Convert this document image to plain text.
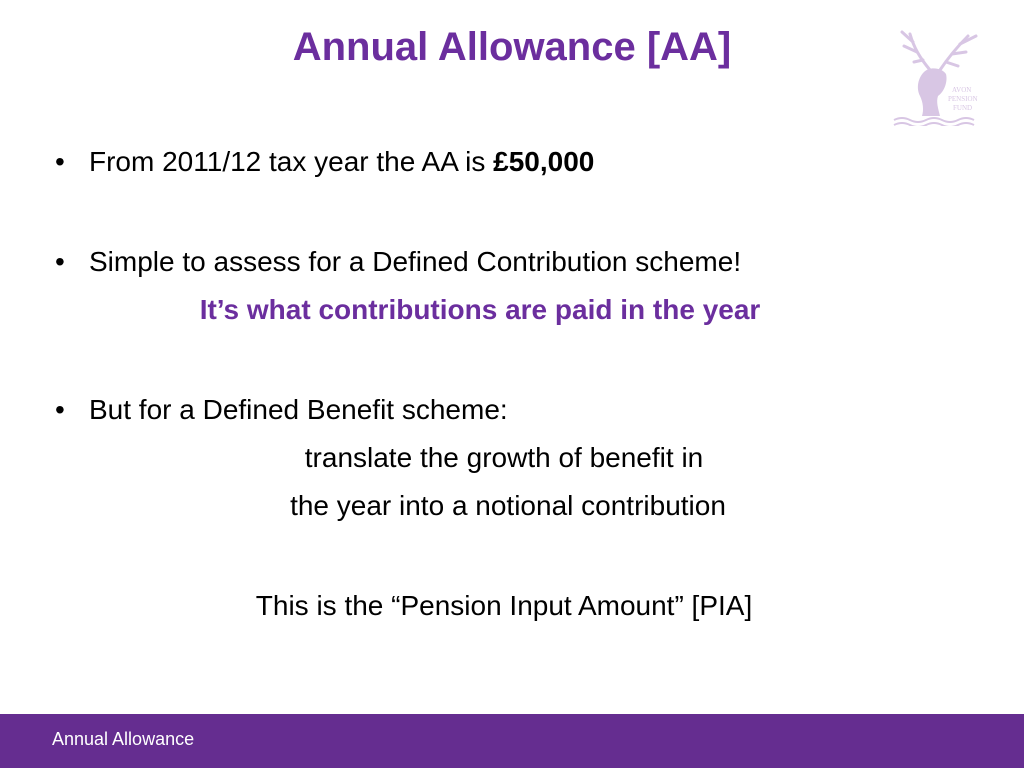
Annual Allowance [AA]
AVON
PENSION
FUND
• From 2011/12 tax year the AA is £50,000
• Simple to assess for a Defined Contribution scheme!
It’s what contributions are paid in the year
• But for a Defined Benefit scheme:
translate the growth of benefit in
the year into a notional contribution
This is the “Pension Input Amount” [PIA]
Annual Allowance
